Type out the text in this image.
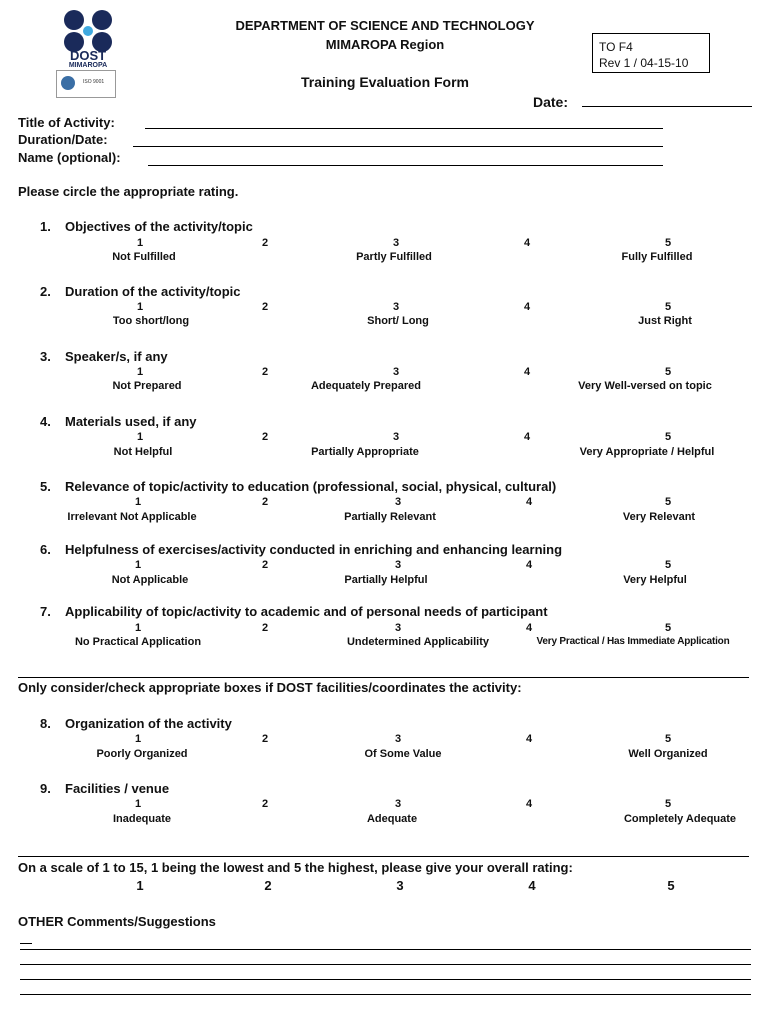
DOST
MIMAROPA
ISO 9001
DEPARTMENT OF SCIENCE AND TECHNOLOGY
MIMAROPA Region
Training Evaluation Form
TO F4
Rev 1 / 04-15-10
Date:
Title of Activity:
Duration/Date:
Name (optional):
Please circle the appropriate rating.
1. Objectives of the activity/topic
1	2	3	4	5
Not Fulfilled	Partly Fulfilled	Fully Fulfilled
2. Duration of the activity/topic
1	2	3	4	5
Too short/long	Short/ Long	Just Right
3. Speaker/s, if any
1	2	3	4	5
Not Prepared	Adequately Prepared	Very Well-versed on topic
4. Materials used, if any
1	2	3	4	5
Not Helpful	Partially Appropriate	Very Appropriate / Helpful
5. Relevance of topic/activity to education (professional, social, physical, cultural)
1	2	3	4	5
Irrelevant Not Applicable	Partially Relevant	Very Relevant
6. Helpfulness of exercises/activity conducted in enriching and enhancing learning
1	2	3	4	5
Not Applicable	Partially Helpful	Very Helpful
7. Applicability of topic/activity to academic and of personal needs of participant
1	2	3	4	5
No Practical Application	Undetermined Applicability	Very Practical / Has Immediate Application
Only consider/check appropriate boxes if DOST facilities/coordinates the activity:
8. Organization of the activity
1	2	3	4	5
Poorly Organized	Of Some Value	Well Organized
9. Facilities / venue
1	2	3	4	5
Inadequate	Adequate	Completely Adequate
On a scale of 1 to 15, 1 being the lowest and 5 the highest, please give your overall rating:
1	2	3	4	5
OTHER Comments/Suggestions
